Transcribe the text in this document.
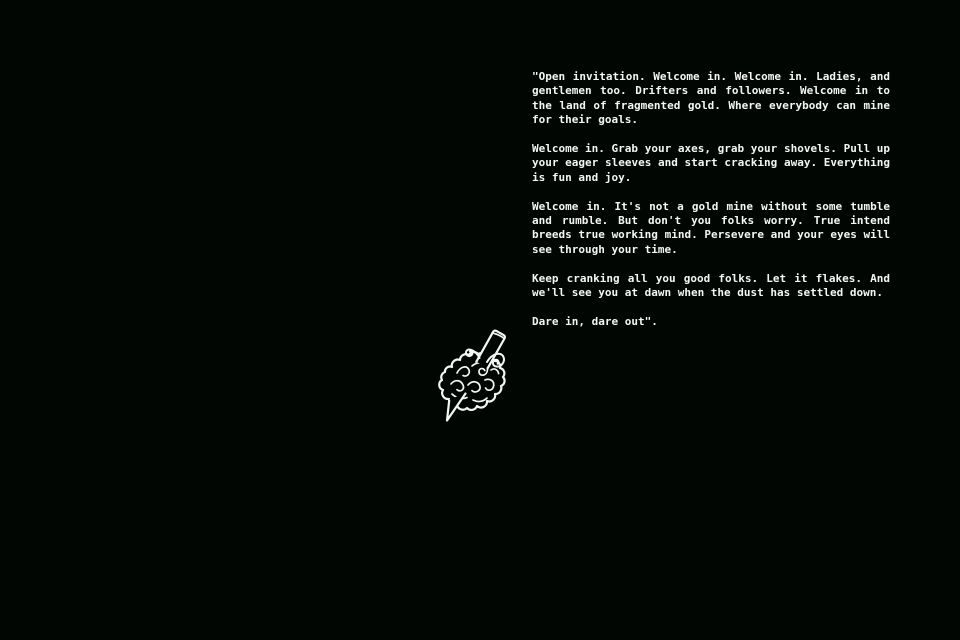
"Open invitation. Welcome in. Welcome in. Ladies, and
gentlemen too. Drifters and followers. Welcome in to
the land of fragmented gold. Where everybody can mine
for their goals.
Welcome in. Grab your axes, grab your shovels. Pull up
your eager sleeves and start cracking away. Everything
is fun and joy.
Welcome in. It's not a gold mine without some tumble
and rumble. But don't you folks worry. True intend
breeds true working mind. Persevere and your eyes will
see through your time.
Keep cranking all you good folks. Let it flakes. And
we'll see you at dawn when the dust has settled down.
Dare in, dare out".
